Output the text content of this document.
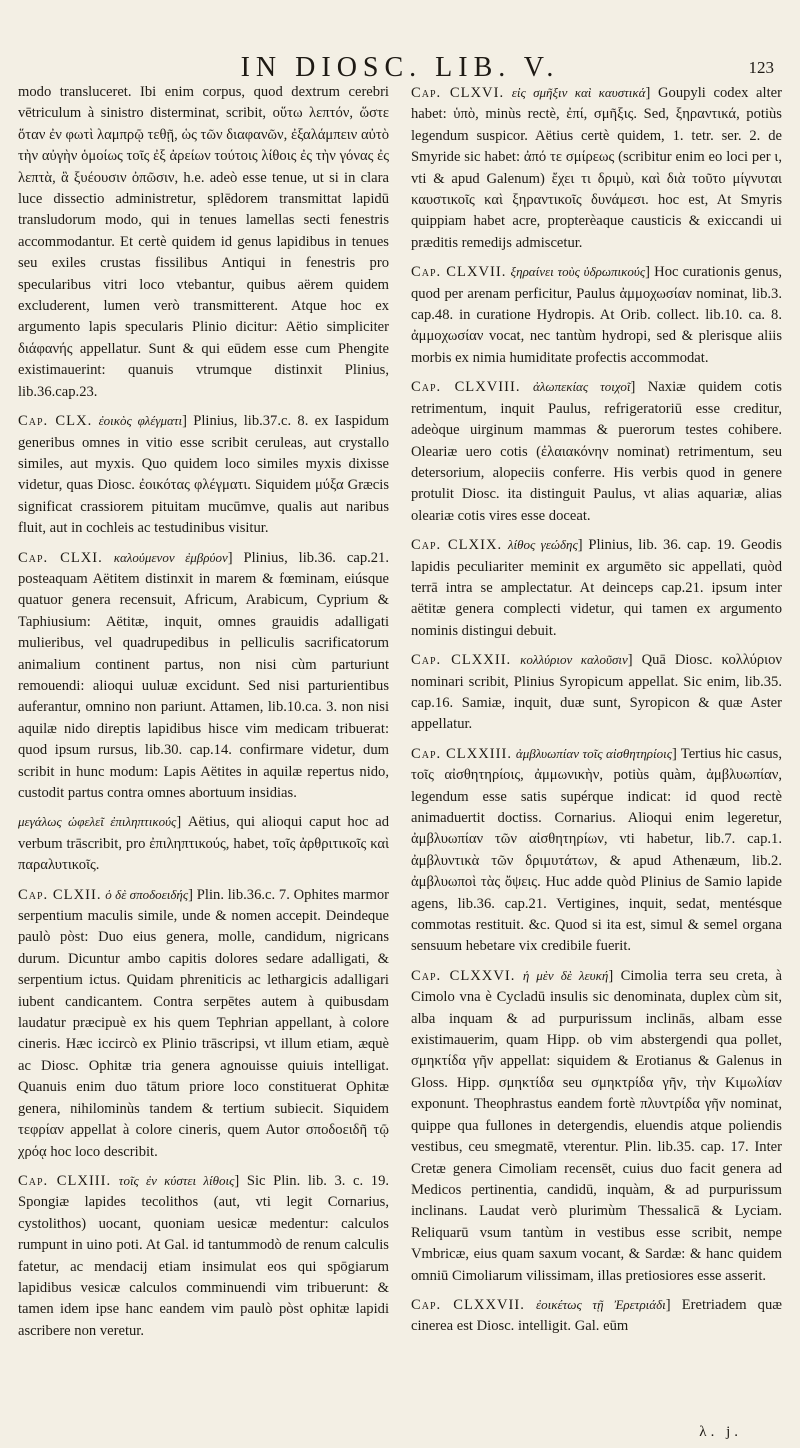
IN DIOSC. LIB. V.	123

modo transluceret. Ibi enim corpus, quod dextrum cerebri vētriculum à sinistro disterminat, scribit, οὕτω λεπτόν, ὥστε ὅταν ἐν φωτὶ λαμπρῷ τεθῇ, ὡς τῶν διαφανῶν, ἐξαλάμπειν αὐτὸ τὴν αὐγὴν ὁμοίως τοῖς ἐξ ἀρείων τούτοις λίθοις ἐς τὴν γόνας ἐς λεπτὰ, ἃ ξυέουσιν ὀπῶσιν, h.e. adeò esse tenue, ut si in clara luce dissectio administretur, splēdorem transmittat lapidū transludorum modo, qui in tenues lamellas secti fenestris accommodantur. Et certè quidem id genus lapidibus in tenues seu exiles crustas fissilibus Antiqui in fenestris pro specularibus vitri loco vtebantur, quibus aërem quidem excluderent, lumen verò transmitterent. Atque hoc ex argumento lapis specularis Plinio dicitur: Aëtio simpliciter διάφανής appellatur. Sunt & qui eūdem esse cum Phengite existimauerint: quanuis vtrumque distinxit Plinius, lib.36.cap.23.

Cap. CLX. ἐοικὸς φλέγματι] Plinius, lib.37.c. 8. ex Iaspidum generibus omnes in vitio esse scribit ceruleas, aut crystallo similes, aut myxis. Quo quidem loco similes myxis dixisse videtur, quas Diosc. ἐοικότας φλέγματι. Siquidem μύξα Græcis significat crassiorem pituitam mucūmve, qualis aut naribus fluit, aut in cochleis ac testudinibus visitur.

Cap. CLXI. καλούμενον ἐμβρύον] Plinius, lib.36. cap.21. posteaquam Aëtitem distinxit in marem & fœminam, eiúsque quatuor genera recensuit, Africum, Arabicum, Cyprium & Taphiusium: Aëtitæ, inquit, omnes grauidis adalligati mulieribus, vel quadrupedibus in pelliculis sacrificatorum animalium continent partus, non nisi cùm parturiunt remouendi: alioqui uuluæ excidunt. Sed nisi parturientibus auferantur, omnino non pariunt. Attamen, lib.10.ca. 3. non nisi aquilæ nido direptis lapidibus hisce vim medicam tribuerat: quod ipsum rursus, lib.30. cap.14. confirmare videtur, dum scribit in hunc modum: Lapis Aëtites in aquilæ repertus nido, custodit partus contra omnes abortuum insidias.

μεγάλως ὠφελεῖ ἐπιληπτικούς] Aëtius, qui alioqui caput hoc ad verbum trāscribit, pro ἐπιληπτικούς, habet, τοῖς ἀρθριτικοῖς καὶ παραλυτικοῖς.

Cap. CLXII. ὁ δὲ σποδοειδής] Plin. lib.36.c. 7. Ophites marmor serpentium maculis simile, unde & nomen accepit. Deindeque paulò pòst: Duo eius genera, molle, candidum, nigricans durum. Dicuntur ambo capitis dolores sedare adalligati, & serpentium ictus. Quidam phreniticis ac lethargicis adalligari iubent candicantem. Contra serpētes autem à quibusdam laudatur præcipuè ex his quem Tephrian appellant, à colore cineris. Hæc iccircò ex Plinio trāscripsi, vt illum etiam, æquè ac Diosc. Ophitæ tria genera agnouisse quiuis intelligat. Quanuis enim duo tātum priore loco constituerat Ophitæ genera, nihilominùs tandem & tertium subiecit. Siquidem τεφρίαν appellat à colore cineris, quem Autor σποδοειδῆ τῷ χρόᾳ hoc loco describit.

Cap. CLXIII. τοῖς ἐν κύστει λίθοις] Sic Plin. lib. 3. c. 19. Spongiæ lapides tecolithos (aut, vti legit Cornarius, cystolithos) uocant, quoniam uesicæ medentur: calculos rumpunt in uino poti. At Gal. id tantummodò de renum calculis fatetur, ac mendacij etiam insimulat eos qui spōgiarum lapidibus vesicæ calculos comminuendi vim tribuerunt: & tamen idem ipse hanc eandem vim paulò pòst ophitæ lapidi ascribere non veretur.

Cap. CLXVI. εἰς σμῆξιν καὶ καυστικά] Goupyli codex alter habet: ὑπὸ, minùs rectè, ἐπί, σμῆξις. Sed, ξηραντικά, potiùs legendum suspicor. Aëtius certè quidem, 1. tetr. ser. 2. de Smyride sic habet: ἀπό τε σμίρεως (scribitur enim eo loci per ι, vti & apud Galenum) ἔχει τι δριμὺ, καὶ διὰ τοῦτο μίγνυται καυστικοῖς καὶ ξηραντικοῖς δυνάμεσι. hoc est, At Smyris quippiam habet acre, propterèaque causticis & exiccandi ui præditis remedijs admiscetur.

Cap. CLXVII. ξηραίνει τοὺς ὑδρωπικούς] Hoc curationis genus, quod per arenam perficitur, Paulus ἀμμοχωσίαν nominat, lib.3. cap.48. in curatione Hydropis. At Orib. collect. lib.10. ca. 8. ἀμμοχωσίαν vocat, nec tantùm hydropi, sed & plerisque aliis morbis ex nimia humiditate profectis accommodat.

Cap. CLXVIII. ἀλωπεκίας τοιχοῖ] Naxiæ quidem cotis retrimentum, inquit Paulus, refrigeratoriū esse creditur, adeòque uirginum mammas & puerorum testes cohibere. Oleariæ uero cotis (ἐλαιακόνην nominat) retrimentum, seu detersorium, alopeciis conferre. His verbis quod in genere protulit Diosc. ita distinguit Paulus, vt alias aquariæ, alias oleariæ cotis vires esse doceat.

Cap. CLXIX. λίθος γεώδης] Plinius, lib. 36. cap. 19. Geodis lapidis peculiariter meminit ex argumēto sic appellati, quòd terrā intra se amplectatur. At deinceps cap.21. ipsum inter aëtitæ genera complecti videtur, qui tamen ex argumento nominis distingui debuit.

Cap. CLXXII. κολλύριον καλοῦσιν] Quā Diosc. κολλύριον nominari scribit, Plinius Syropicum appellat. Sic enim, lib.35. cap.16. Samiæ, inquit, duæ sunt, Syropicon & quæ Aster appellatur.

Cap. CLXXIII. ἀμβλυωπίαν τοῖς αἰσθητηρίοις] Tertius hic casus, τοῖς αἰσθητηρίοις, ἀμμωνικὴν, potiùs quàm, ἀμβλυωπίαν, legendum esse satis supérque indicat: id quod rectè animaduertit doctiss. Cornarius. Alioqui enim legeretur, ἀμβλυωπίαν τῶν αἰσθητηρίων, vti habetur, lib.7. cap.1. ἀμβλυντικὰ τῶν δριμυτάτων, & apud Athenæum, lib.2. ἀμβλυωποὶ τὰς ὄψεις. Huc adde quòd Plinius de Samio lapide agens, lib.36. cap.21. Vertigines, inquit, sedat, mentésque commotas restituit. &c. Quod si ita est, simul & semel organa sensuum hebetare vix credibile fuerit.

Cap. CLXXVI. ἡ μὲν δὲ λευκή] Cimolia terra seu creta, à Cimolo vna è Cycladū insulis sic denominata, duplex cùm sit, alba inquam & ad purpurissum inclinās, albam esse existimauerim, quam Hipp. ob vim abstergendi qua pollet, σμηκτίδα γῆν appellat: siquidem & Erotianus & Galenus in Gloss. Hipp. σμηκτίδα seu σμηκτρίδα γῆν, τὴν Κιμωλίαν exponunt. Theophrastus eandem fortè πλυντρίδα γῆν nominat, quippe qua fullones in detergendis, eluendis atque poliendis vestibus, ceu smegmatē, vterentur. Plin. lib.35. cap. 17. Inter Cretæ genera Cimoliam recensēt, cuius duo facit genera ad Medicos pertinentia, candidū, inquàm, & ad purpurissum inclinans. Laudat verò plurimùm Thessalicā & Lyciam. Reliquarū vsum tantùm in vestibus esse scribit, nempe Vmbricæ, eius quam saxum vocant, & Sardæ: & hanc quidem omniū Cimoliarum vilissimam, illas pretiosiores esse asserit.

Cap. CLXXVII. ἐοικέτως τῇ Ἐρετριάδι] Eretriadem quæ cinerea est Diosc. intelligit. Gal. eūm

λ. j.
